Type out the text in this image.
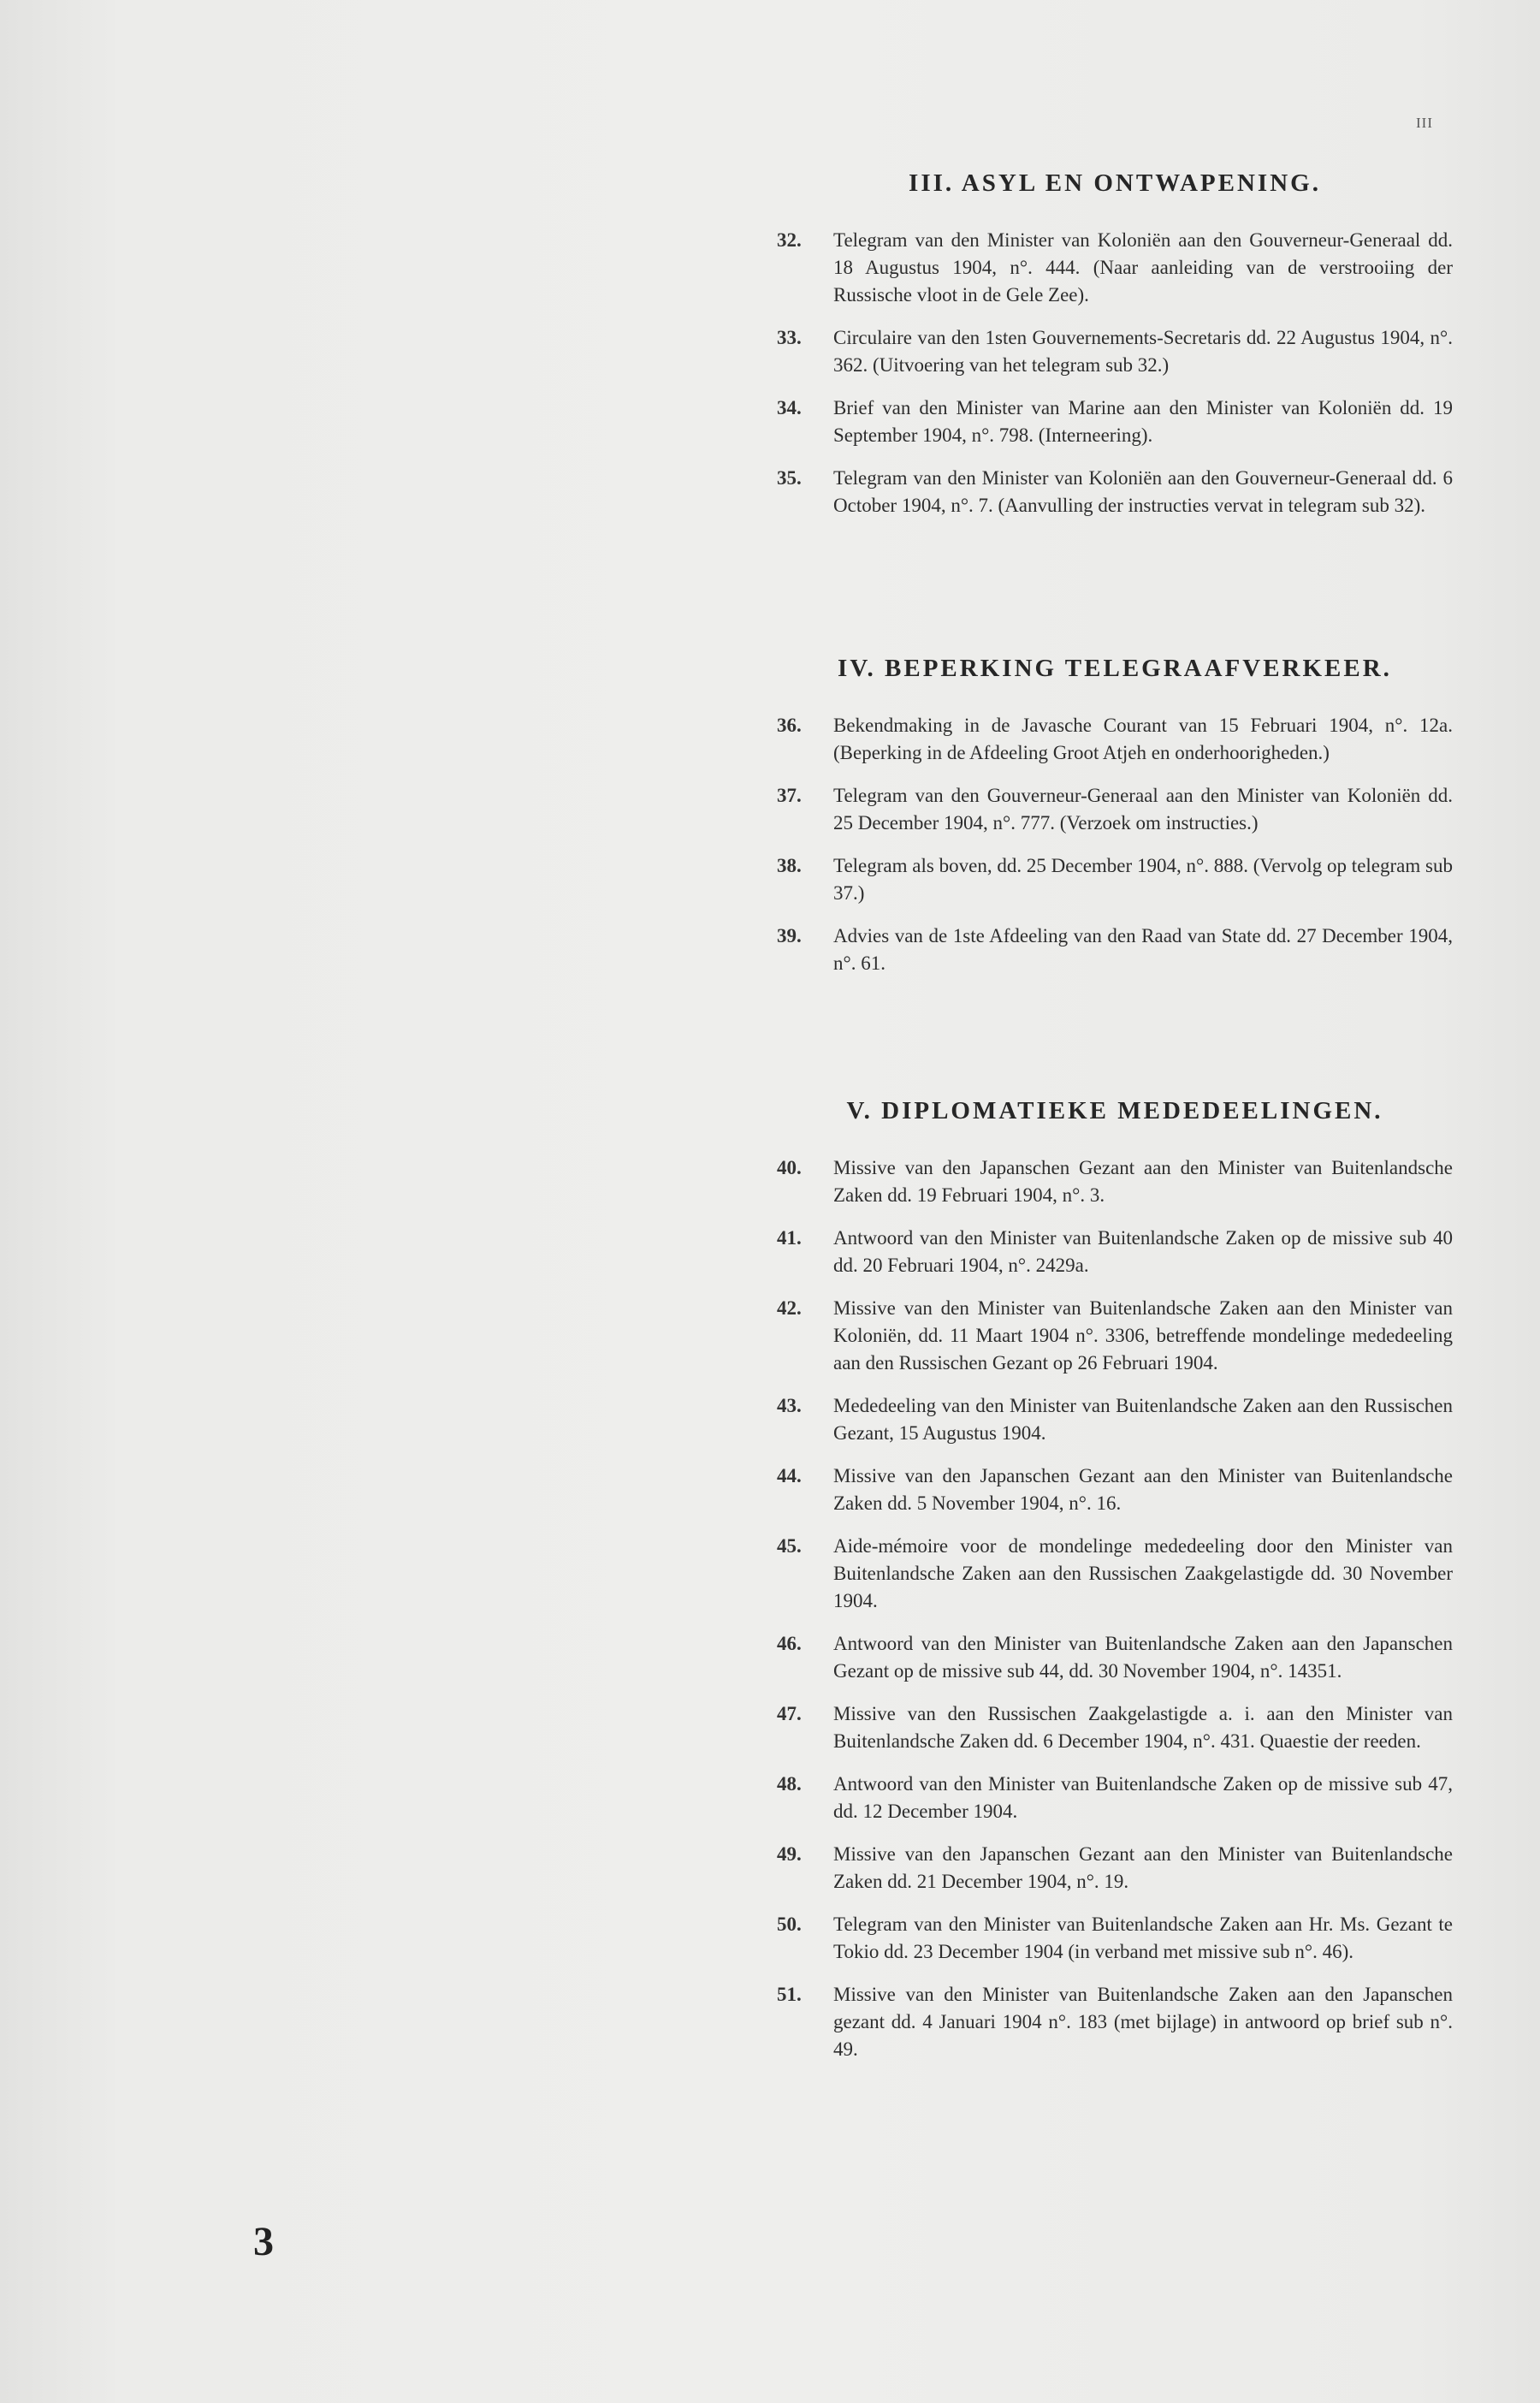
III
III. ASYL EN ONTWAPENING.
32.	Telegram van den Minister van Koloniën aan den Gouverneur-Generaal dd. 18 Augustus 1904, n°. 444. (Naar aanleiding van de verstrooiing der Russische vloot in de Gele Zee).
33.	Circulaire van den 1sten Gouvernements-Secretaris dd. 22 Augustus 1904, n°. 362. (Uitvoering van het telegram sub 32.)
34.	Brief van den Minister van Marine aan den Minister van Koloniën dd. 19 September 1904, n°. 798. (Interneering).
35.	Telegram van den Minister van Koloniën aan den Gouverneur-Generaal dd. 6 October 1904, n°. 7. (Aanvulling der instructies vervat in telegram sub 32).
IV. BEPERKING TELEGRAAFVERKEER.
36.	Bekendmaking in de Javasche Courant van 15 Februari 1904, n°. 12a. (Beperking in de Afdeeling Groot Atjeh en onderhoorigheden.)
37.	Telegram van den Gouverneur-Generaal aan den Minister van Koloniën dd. 25 December 1904, n°. 777. (Verzoek om instructies.)
38.	Telegram als boven, dd. 25 December 1904, n°. 888. (Vervolg op telegram sub 37.)
39.	Advies van de 1ste Afdeeling van den Raad van State dd. 27 December 1904, n°. 61.
V. DIPLOMATIEKE MEDEDEELINGEN.
40.	Missive van den Japanschen Gezant aan den Minister van Buitenlandsche Zaken dd. 19 Februari 1904, n°. 3.
41.	Antwoord van den Minister van Buitenlandsche Zaken op de missive sub 40 dd. 20 Februari 1904, n°. 2429a.
42.	Missive van den Minister van Buitenlandsche Zaken aan den Minister van Koloniën, dd. 11 Maart 1904 n°. 3306, betreffende mondelinge mededeeling aan den Russischen Gezant op 26 Februari 1904.
43.	Mededeeling van den Minister van Buitenlandsche Zaken aan den Russischen Gezant, 15 Augustus 1904.
44.	Missive van den Japanschen Gezant aan den Minister van Buitenlandsche Zaken dd. 5 November 1904, n°. 16.
45.	Aide-mémoire voor de mondelinge mededeeling door den Minister van Buitenlandsche Zaken aan den Russischen Zaakgelastigde dd. 30 November 1904.
46.	Antwoord van den Minister van Buitenlandsche Zaken aan den Japanschen Gezant op de missive sub 44, dd. 30 November 1904, n°. 14351.
47.	Missive van den Russischen Zaakgelastigde a. i. aan den Minister van Buitenlandsche Zaken dd. 6 December 1904, n°. 431. Quaestie der reeden.
48.	Antwoord van den Minister van Buitenlandsche Zaken op de missive sub 47, dd. 12 December 1904.
49.	Missive van den Japanschen Gezant aan den Minister van Buitenlandsche Zaken dd. 21 December 1904, n°. 19.
50.	Telegram van den Minister van Buitenlandsche Zaken aan Hr. Ms. Gezant te Tokio dd. 23 December 1904 (in verband met missive sub n°. 46).
51.	Missive van den Minister van Buitenlandsche Zaken aan den Japanschen gezant dd. 4 Januari 1904 n°. 183 (met bijlage) in antwoord op brief sub n°. 49.
3
